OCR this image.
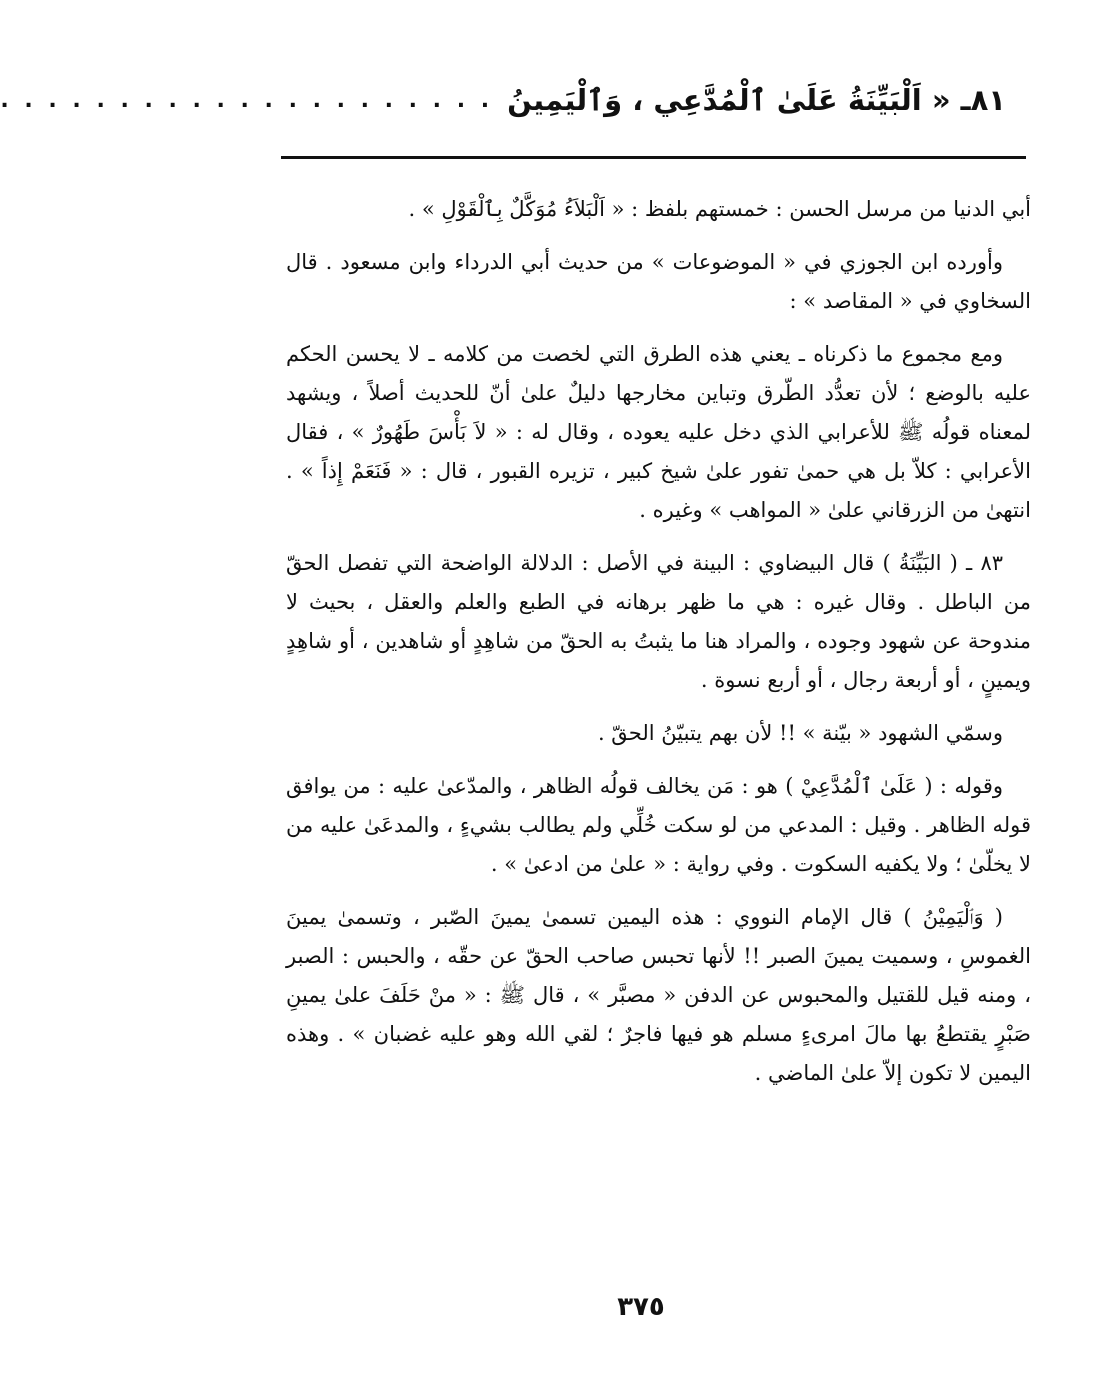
٨١ـ « اَلْبَيِّنَةُ عَلَىٰ ٱلْمُدَّعِي ، وَٱلْيَمِينُ
. . . . . . . . . . . . . . . . . . . . .

أبي الدنيا من مرسل الحسن : خمستهم بلفظ : « اَلْبَلاَءُ مُوَكَّلٌ بِٱلْقَوْلِ » .

وأورده ابن الجوزي في « الموضوعات » من حديث أبي الدرداء وابن مسعود . قال السخاوي في « المقاصد » :

ومع مجموع ما ذكرناه ـ يعني هذه الطرق التي لخصت من كلامه ـ لا يحسن الحكم عليه بالوضع ؛ لأن تعدُّد الطّرق وتباين مخارجها دليلٌ علىٰ أنّ للحديث أصلاً ، ويشهد لمعناه قولُه ﷺ للأعرابي الذي دخل عليه يعوده ، وقال له : « لاَ بَأْسَ طَهُورٌ » ، فقال الأعرابي : كلاّ بل هي حمىٰ تفور علىٰ شيخ كبير ، تزيره القبور ، قال : « فَنَعَمْ إِذاً » . انتهىٰ من الزرقاني علىٰ « المواهب » وغيره .

٨٣ ـ ( البَيِّنَةُ ) قال البيضاوي : البينة في الأصل : الدلالة الواضحة التي تفصل الحقّ من الباطل . وقال غيره : هي ما ظهر برهانه في الطبع والعلم والعقل ، بحيث لا مندوحة عن شهود وجوده ، والمراد هنا ما يثبتُ به الحقّ من شاهِدٍ أو شاهدين ، أو شاهِدٍ ويمينٍ ، أو أربعة رجال ، أو أربع نسوة .

وسمّي الشهود « بيّنة » !! لأن بهم يتبيّنُ الحقّ .

وقوله : ( عَلَىٰ ٱلْمُدَّعِيْ ) هو : مَن يخالف قولُه الظاهر ، والمدّعىٰ عليه : من يوافق قوله الظاهر . وقيل : المدعي من لو سكت خُلِّي ولم يطالب بشيءٍ ، والمدعَىٰ عليه من لا يخلّىٰ ؛ ولا يكفيه السكوت . وفي رواية : « علىٰ من ادعىٰ » .

( وَٱلْيَمِيْنُ ) قال الإمام النووي : هذه اليمين تسمىٰ يمينَ الصّبر ، وتسمىٰ يمينَ الغموسِ ، وسميت يمينَ الصبر !! لأنها تحبس صاحب الحقّ عن حقّه ، والحبس : الصبر ، ومنه قيل للقتيل والمحبوس عن الدفن « مصبَّر » ، قال ﷺ : « منْ حَلَفَ علىٰ يمينِ صَبْرٍ يقتطعُ بها مالَ امرىءٍ مسلم هو فيها فاجرٌ ؛ لقي الله وهو عليه غضبان » . وهذه اليمين لا تكون إلاّ علىٰ الماضي .

٣٧٥
